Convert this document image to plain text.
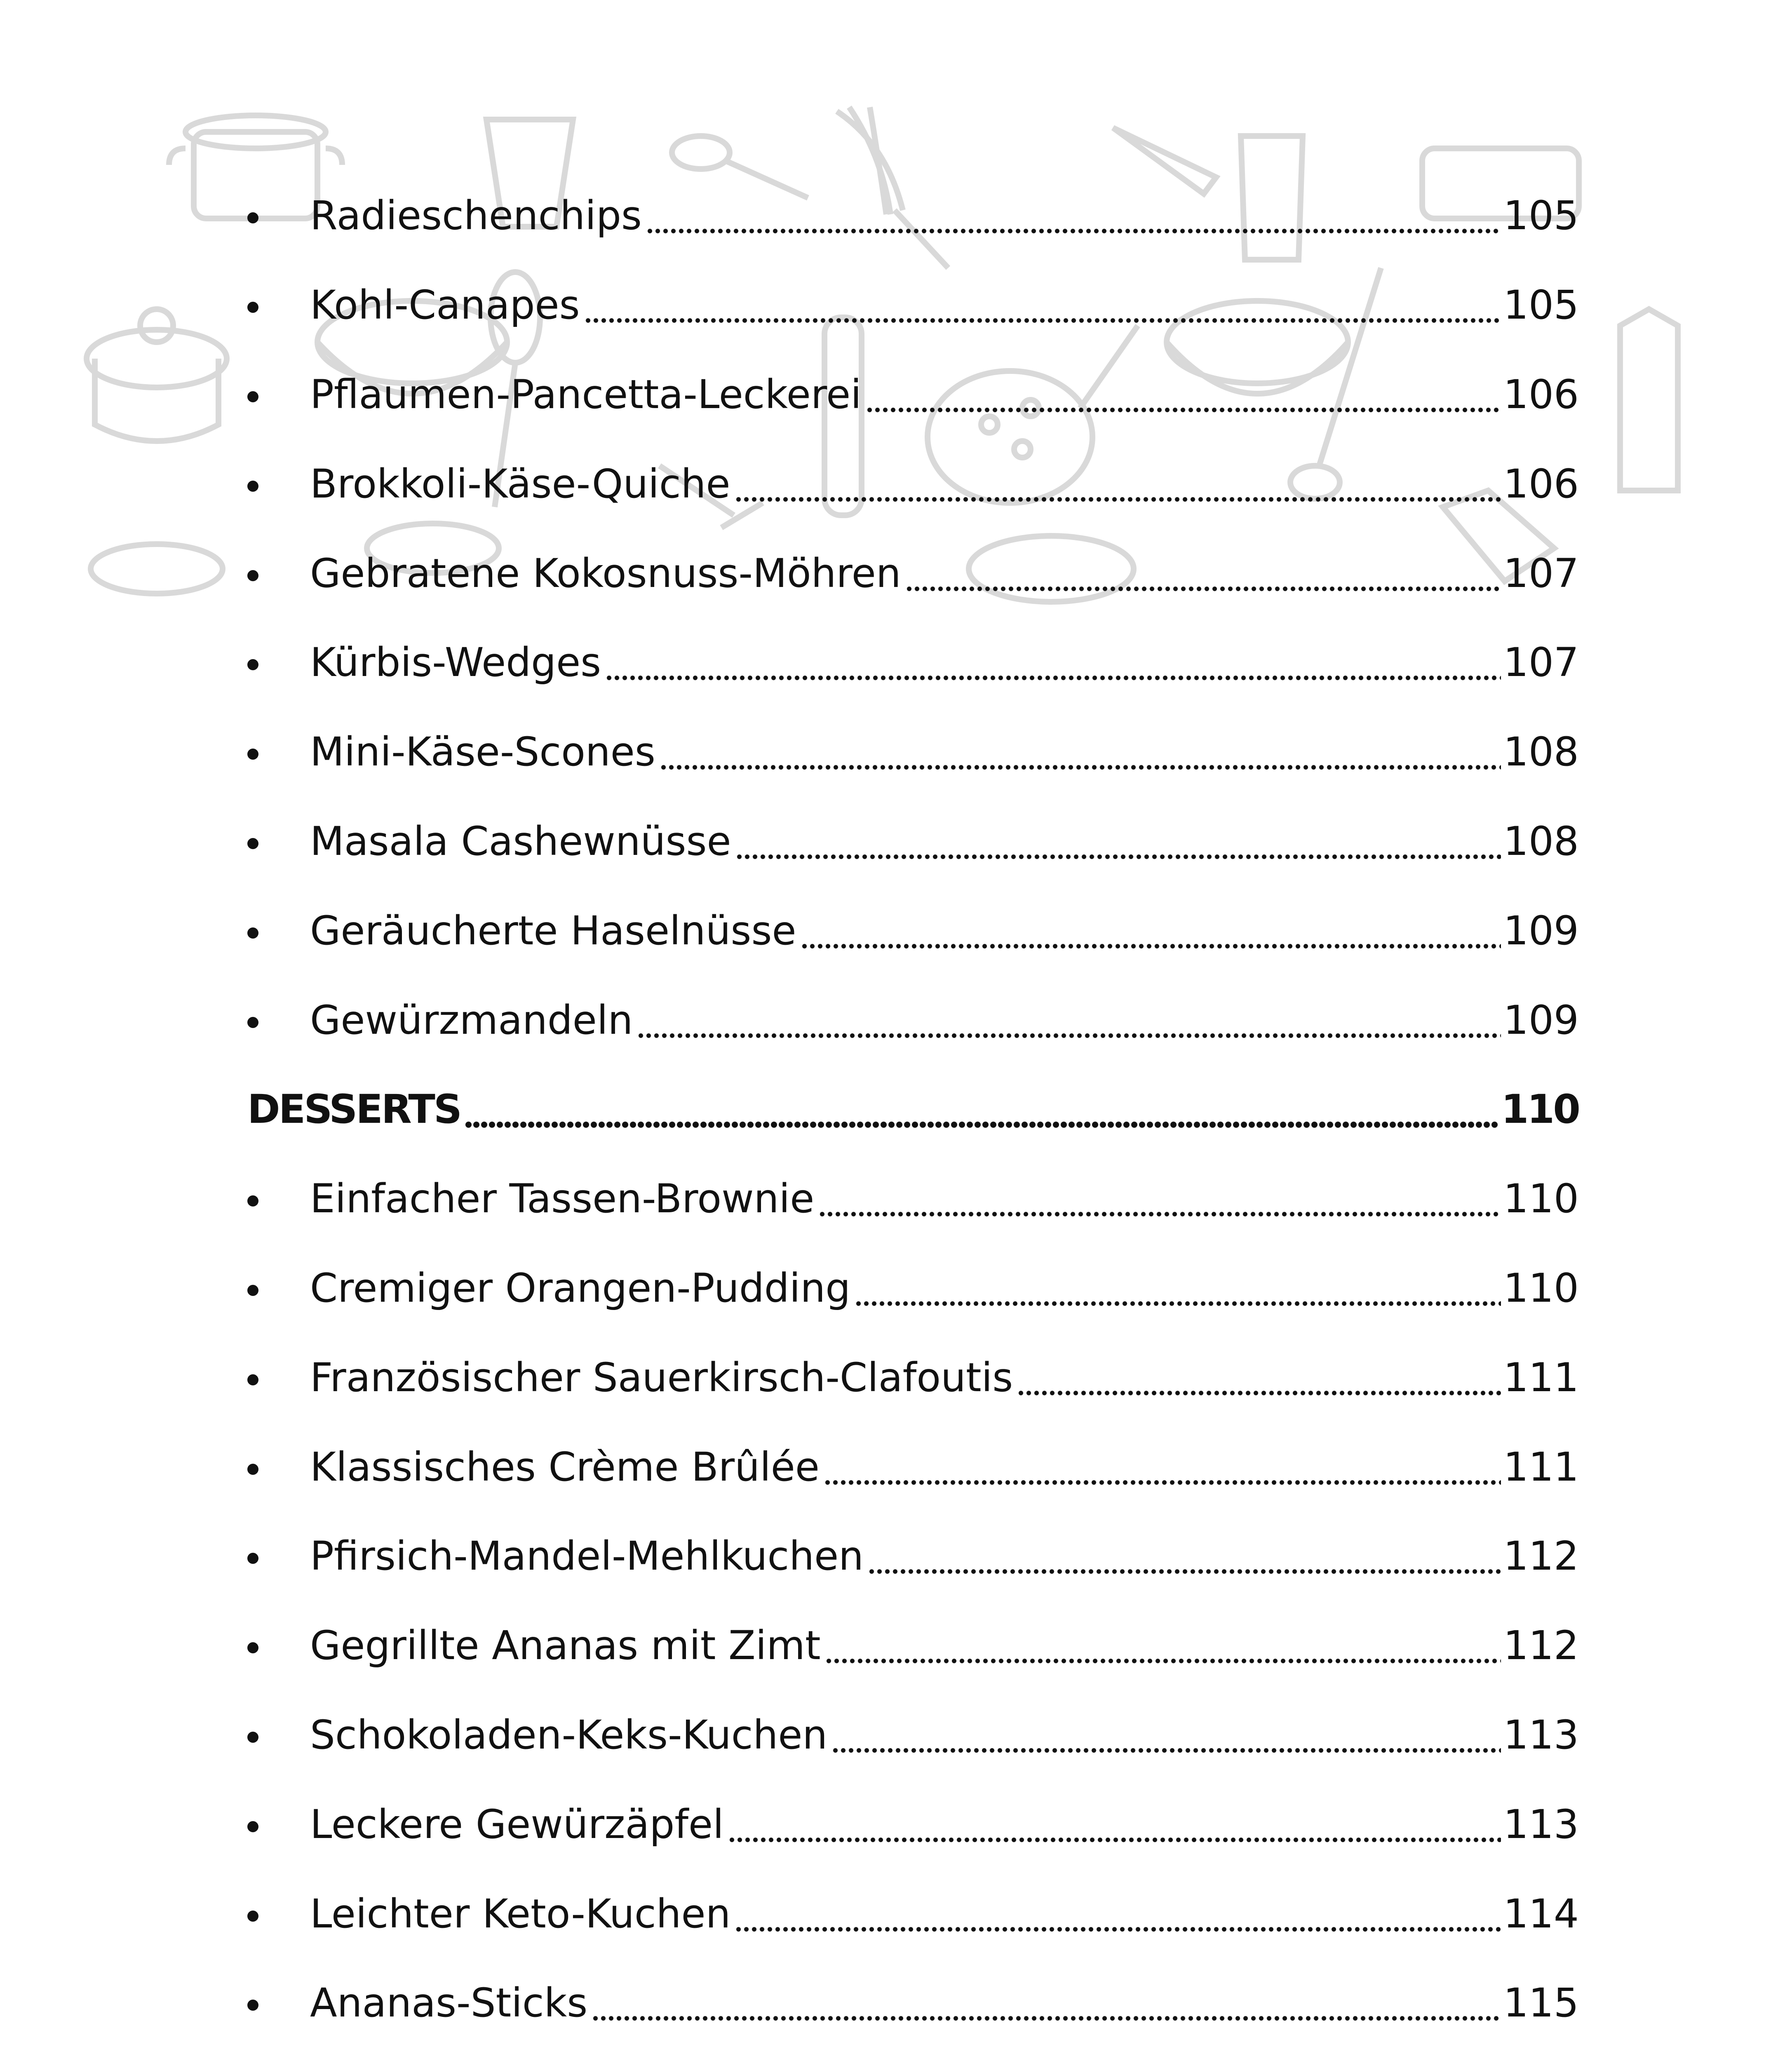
Radieschenchips	105
Kohl-Canapes	105
Pflaumen-Pancetta-Leckerei	106
Brokkoli-Käse-Quiche	106
Gebratene Kokosnuss-Möhren	107
Kürbis-Wedges	107
Mini-Käse-Scones	108
Masala Cashewnüsse	108
Geräucherte Haselnüsse	109
Gewürzmandeln	109
DESSERTS	110
Einfacher Tassen-Brownie	110
Cremiger Orangen-Pudding	110
Französischer Sauerkirsch-Clafoutis	111
Klassisches Crème Brûlée	111
Pfirsich-Mandel-Mehlkuchen	112
Gegrillte Ananas mit Zimt	112
Schokoladen-Keks-Kuchen	113
Leckere Gewürzäpfel	113
Leichter Keto-Kuchen	114
Ananas-Sticks	115
